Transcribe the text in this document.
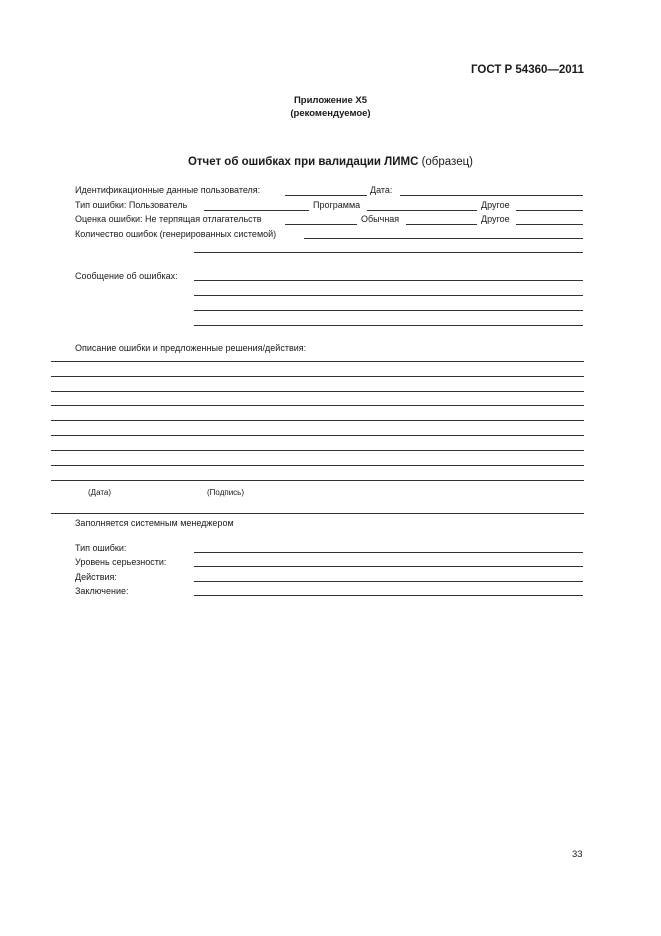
ГОСТ Р 54360—2011
Приложение Х5
(рекомендуемое)
Отчет об ошибках при валидации ЛИМС (образец)
Идентификационные данные пользователя:	Дата:
Тип ошибки: Пользователь	Программа	Другое
Оценка ошибки: Не терпящая отлагательств	Обычная	Другое
Количество ошибок (генерированных системой)
Сообщение об ошибках:
Описание ошибки и предложенные решения/действия:
(Дата)	(Подпись)
Заполняется системным менеджером
Тип ошибки:
Уровень серьезности:
Действия:
Заключение:
33
